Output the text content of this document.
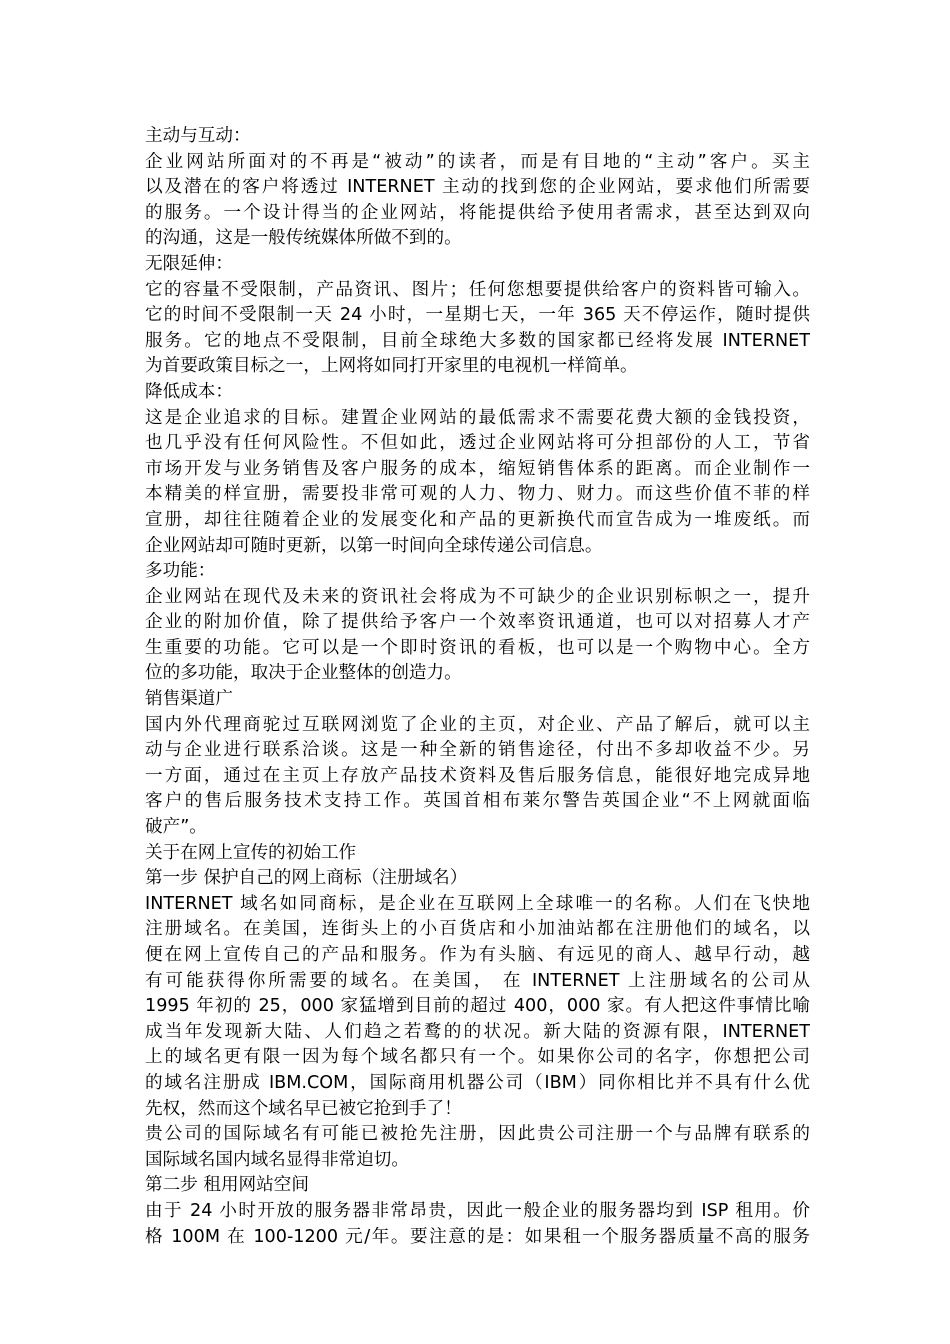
主动与互动：
企业网站所面对的不再是“被动”的读者，而是有目地的“主动”客户。买主
以及潜在的客户将透过 INTERNET 主动的找到您的企业网站，要求他们所需要
的服务。一个设计得当的企业网站，将能提供给予使用者需求，甚至达到双向
的沟通，这是一般传统媒体所做不到的。
无限延伸：
它的容量不受限制，产品资讯、图片；任何您想要提供给客户的资料皆可输入。
它的时间不受限制一天 24 小时，一星期七天，一年 365 天不停运作，随时提供
服务。它的地点不受限制，目前全球绝大多数的国家都已经将发展 INTERNET
为首要政策目标之一，上网将如同打开家里的电视机一样简单。
降低成本：
这是企业追求的目标。建置企业网站的最低需求不需要花费大额的金钱投资，
也几乎没有任何风险性。不但如此，透过企业网站将可分担部份的人工，节省
市场开发与业务销售及客户服务的成本，缩短销售体系的距离。而企业制作一
本精美的样宣册，需要投非常可观的人力、物力、财力。而这些价值不菲的样
宣册，却往往随着企业的发展变化和产品的更新换代而宣告成为一堆废纸。而
企业网站却可随时更新，以第一时间向全球传递公司信息。
多功能：
企业网站在现代及未来的资讯社会将成为不可缺少的企业识别标帜之一，提升
企业的附加价值，除了提供给予客户一个效率资讯通道，也可以对招募人才产
生重要的功能。它可以是一个即时资讯的看板，也可以是一个购物中心。全方
位的多功能，取决于企业整体的创造力。
销售渠道广
国内外代理商驼过互联网浏览了企业的主页，对企业、产品了解后，就可以主
动与企业进行联系洽谈。这是一种全新的销售途径，付出不多却收益不少。另
一方面，通过在主页上存放产品技术资料及售后服务信息，能很好地完成异地
客户的售后服务技术支持工作。英国首相布莱尔警告英国企业“不上网就面临
破产”。
关于在网上宣传的初始工作
第一步 保护自己的网上商标（注册域名）
INTERNET 域名如同商标，是企业在互联网上全球唯一的名称。人们在飞快地
注册域名。在美国，连街头上的小百货店和小加油站都在注册他们的域名，以
便在网上宣传自己的产品和服务。作为有头脑、有远见的商人、越早行动，越
有可能获得你所需要的域名。在美国， 在 INTERNET 上注册域名的公司从
1995 年初的 25，000 家猛增到目前的超过 400，000 家。有人把这件事情比喻
成当年发现新大陆、人们趋之若鹜的的状况。新大陆的资源有限，INTERNET
上的域名更有限一因为每个域名都只有一个。如果你公司的名字，你想把公司
的域名注册成 IBM.COM，国际商用机器公司（IBM）同你相比并不具有什么优
先权，然而这个域名早已被它抢到手了！
贵公司的国际域名有可能已被抢先注册，因此贵公司注册一个与品牌有联系的
国际域名国内域名显得非常迫切。
第二步 租用网站空间
由于 24 小时开放的服务器非常昂贵，因此一般企业的服务器均到 ISP 租用。价
格 100M 在 100-1200 元/年。要注意的是：如果租一个服务器质量不高的服务
